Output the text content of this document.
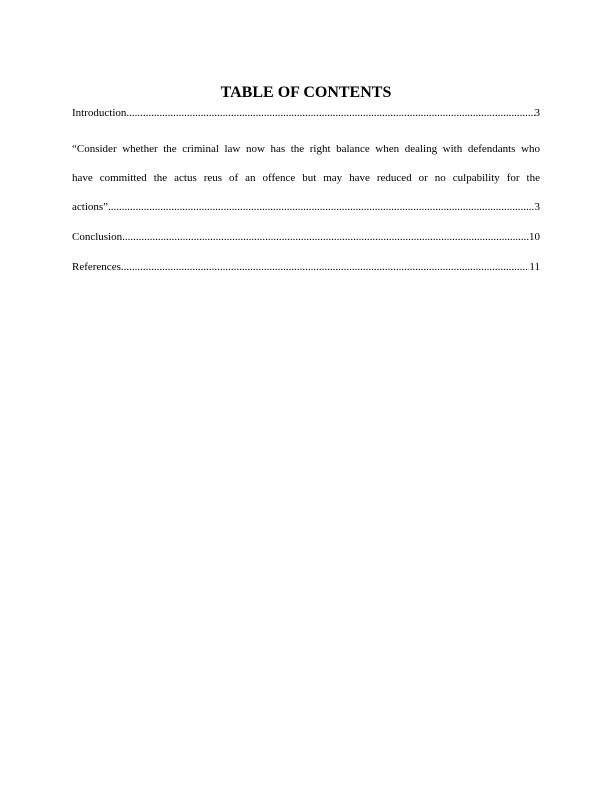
TABLE OF CONTENTS
Introduction .....	3

“Consider whether the criminal law now has the right balance when dealing with defendants who

have committed the actus reus of an offence but may have reduced or no culpability for the

actions” .....	3
Conclusion .....	10
References .....	11
